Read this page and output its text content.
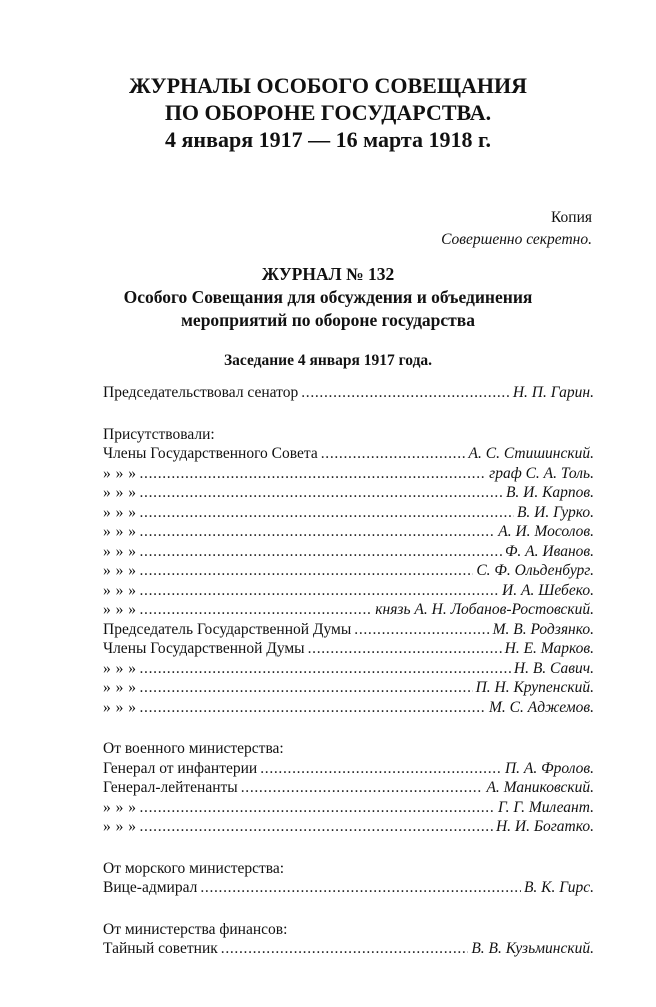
ЖУРНАЛЫ ОСОБОГО СОВЕЩАНИЯ
ПО ОБОРОНЕ ГОСУДАРСТВА.
4 января 1917 — 16 марта 1918 г.
Копия
Совершенно секретно.
ЖУРНАЛ № 132
Особого Совещания для обсуждения и объединения
мероприятий по обороне государства
Заседание 4 января 1917 года.
Председательствовал сенатор . . .	Н. П. Гарин.
Присутствовали:
Члены Государственного Совета . . .	А. С. Стишинский.
» » » . . .	граф С. А. Толь.
» » » . . .	В. И. Карпов.
» » » . . .	В. И. Гурко.
» » » . . .	А. И. Мосолов.
» » » . . .	Ф. А. Иванов.
» » » . . .	С. Ф. Ольденбург.
» » » . . .	И. А. Шебеко.
» » » . . .	князь А. Н. Лобанов-Ростовский.
Председатель Государственной Думы . . .	М. В. Родзянко.
Члены Государственной Думы . . .	Н. Е. Марков.
» » » . . .	Н. В. Савич.
» » » . . .	П. Н. Крупенский.
» » » . . .	М. С. Аджемов.
От военного министерства:
Генерал от инфантерии . . .	П. А. Фролов.
Генерал-лейтенанты . . .	А. Маниковский.
» » » . . .	Г. Г. Милеант.
» » » . . .	Н. И. Богатко.
От морского министерства:
Вице-адмирал . . .	В. К. Гирс.
От министерства финансов:
Тайный советник . . .	В. В. Кузьминский.
